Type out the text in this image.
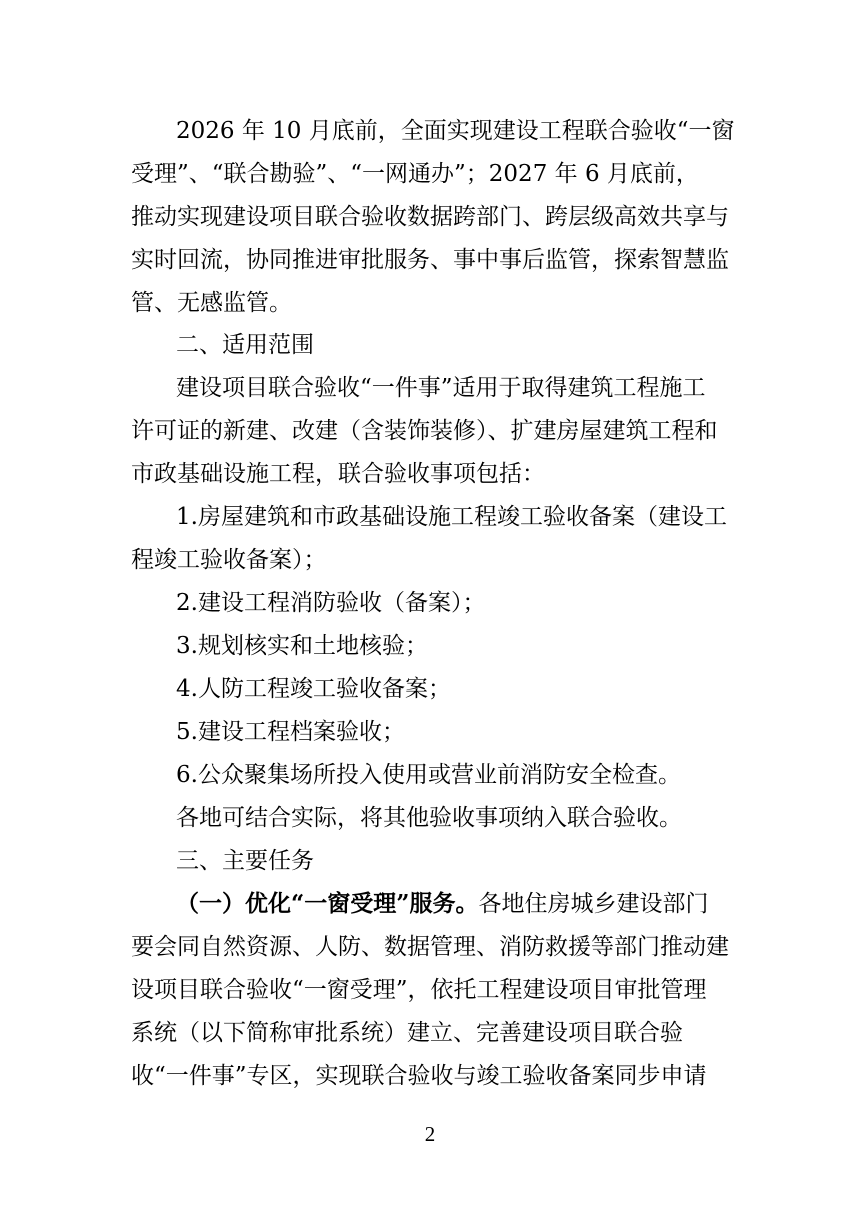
2026 年 10 月底前，全面实现建设工程联合验收“一窗
受理”、“联合勘验”、“一网通办”；2027 年 6 月底前，
推动实现建设项目联合验收数据跨部门、跨层级高效共享与
实时回流，协同推进审批服务、事中事后监管，探索智慧监
管、无感监管。
二、适用范围
建设项目联合验收“一件事”适用于取得建筑工程施工
许可证的新建、改建（含装饰装修）、扩建房屋建筑工程和
市政基础设施工程，联合验收事项包括：
1.房屋建筑和市政基础设施工程竣工验收备案（建设工
程竣工验收备案）；
2.建设工程消防验收（备案）；
3.规划核实和土地核验；
4.人防工程竣工验收备案；
5.建设工程档案验收；
6.公众聚集场所投入使用或营业前消防安全检查。
各地可结合实际，将其他验收事项纳入联合验收。
三、主要任务
（一）优化“一窗受理”服务。各地住房城乡建设部门
要会同自然资源、人防、数据管理、消防救援等部门推动建
设项目联合验收“一窗受理”，依托工程建设项目审批管理
系统（以下简称审批系统）建立、完善建设项目联合验
收“一件事”专区，实现联合验收与竣工验收备案同步申请
2
